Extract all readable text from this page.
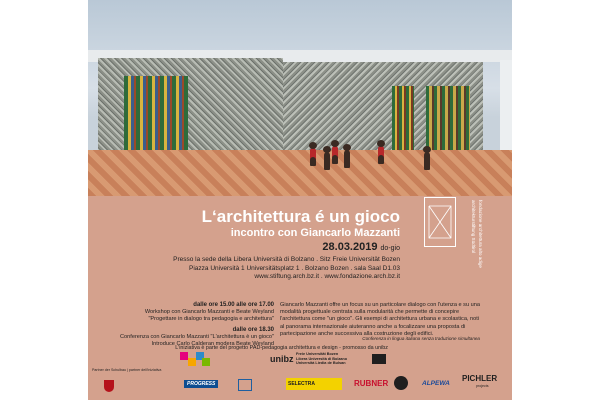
L‘architettura é un gioco
incontro con Giancarlo Mazzanti
28.03.2019 do-gio
Presso la sede della Libera Università di Bolzano . Sitz Freie Universität Bozen
Piazza Università 1 Universitätsplatz 1 . Bolzano Bozen . sala Saal D1.03
www.stiftung.arch.bz.it . www.fondazione.arch.bz.it
architekturstiftung Südtirol fondazione architettura alto adige

dalle ore 15.00 alle ore 17.00

Workshop con Giancarlo Mazzanti e Beate Weyland

"Progettare in dialogo tra pedagogia e architettura"

dalle ore 18.30

Conferenza con Giancarlo Mazzanti "L'architettura è un gioco"

Introduce Carlo Calderan modera Beate Weyland

Giancarlo Mazzanti offre un focus su un particolare dialogo con l'utenza e su una modalità progettuale centrata sulla modularità che permette di concepire l'architettura come "un gioco". Gli esempi di architettura urbana e scolastica, noti al panorama internazionale aiuteranno anche a focalizzare una proposta di partecipazione anche successiva alla costruzione degli edifici.
Conferenza in lingua italiana senza traduzione simultanea
L'iniziativa è parte del progetto PAD-pedagogia architettura e design - promosso da unibz
unibz Freie Universität Bozen
Libera Università di Bolzano
Università Liedia de Bulsan
PROGRESS	SELECTRA	RUBNER	ALPEWA
PICHLER
projects
Partner der Schulbau | partner dell'iniziativa
